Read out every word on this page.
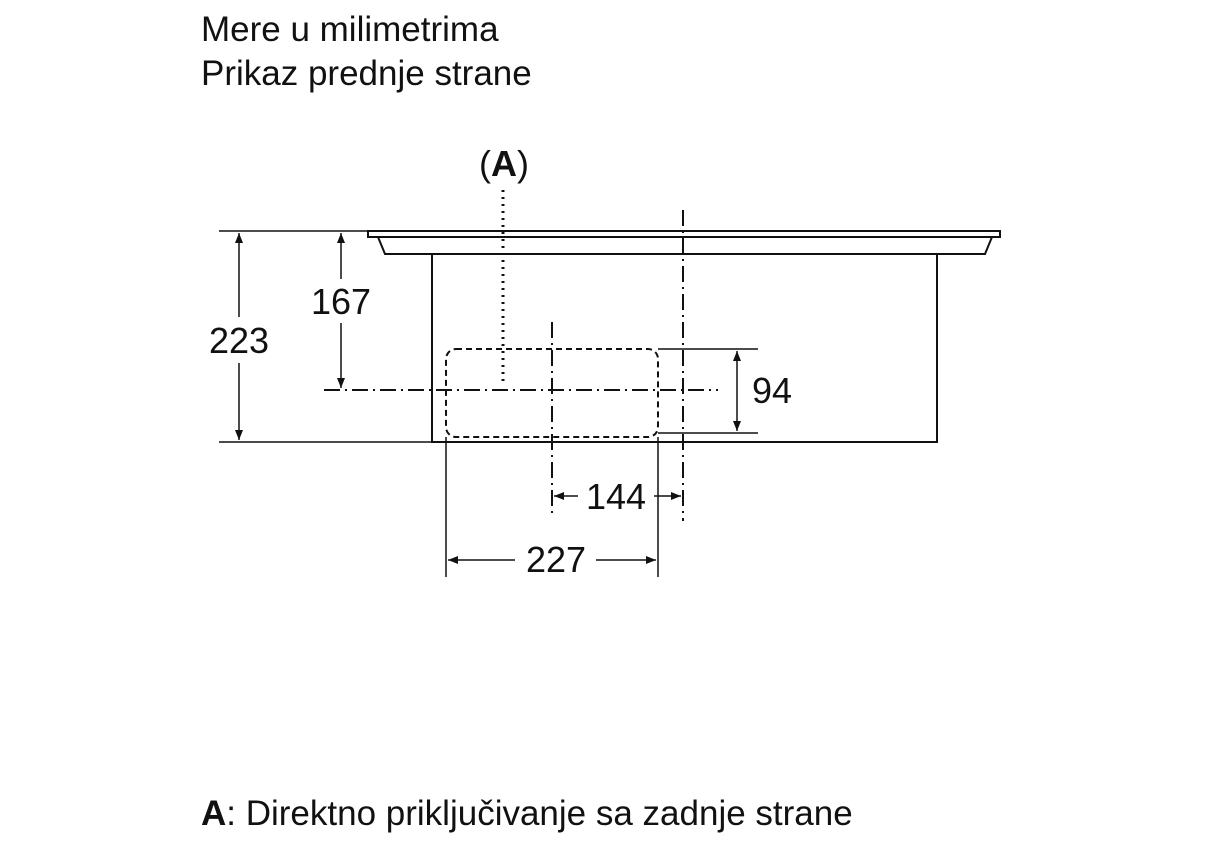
Mere u milimetrima
Prikaz prednje strane
223
167
94
144
227
(A)
A: Direktno priključivanje sa zadnje strane
